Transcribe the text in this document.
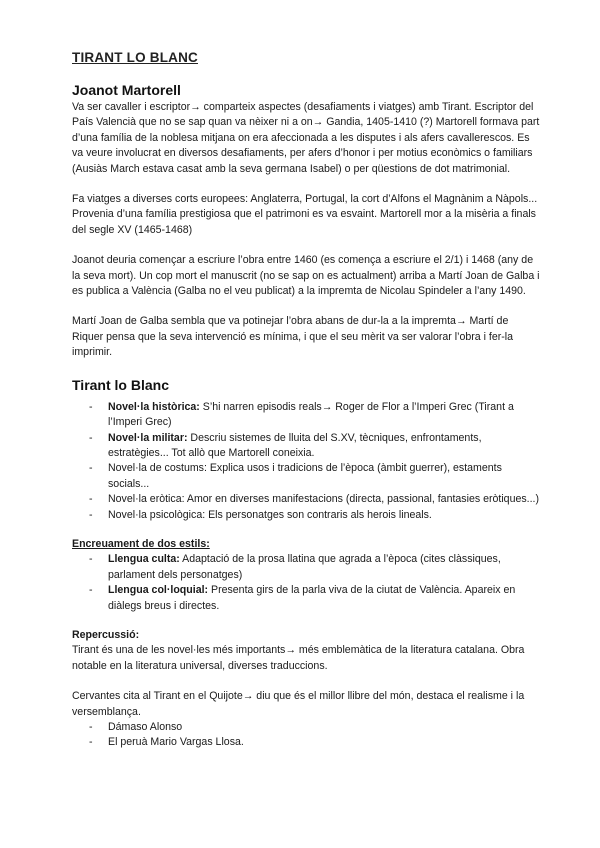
TIRANT LO BLANC
Joanot Martorell

Va ser cavaller i escriptor→ comparteix aspectes (desafiaments i viatges) amb Tirant. Escriptor del País Valencià que no se sap quan va nèixer ni a on→ Gandia, 1405-1410 (?) Martorell formava part d’una família de la noblesa mitjana on era afeccionada a les disputes i als afers cavallerescos. Es va veure involucrat en diversos desafiaments, per afers d’honor i per motius econòmics o familiars (Ausiàs March estava casat amb la seva germana Isabel) o per qüestions de dot matrimonial.

Fa viatges a diverses corts europees: Anglaterra, Portugal, la cort d’Alfons el Magnànim a Nàpols... Provenia d’una família prestigiosa que el patrimoni es va esvaint. Martorell mor a la misèria a finals del segle XV (1465-1468)

Joanot deuria començar a escriure l’obra entre 1460 (es comença a escriure el 2/1) i 1468 (any de la seva mort). Un cop mort el manuscrit (no se sap on es actualment) arriba a Martí Joan de Galba i es publica a València (Galba no el veu publicat) a la impremta de Nicolau Spindeler a l’any 1490.

Martí Joan de Galba sembla que va potinejar l’obra abans de dur-la a la impremta→ Martí de Riquer pensa que la seva intervenció es mínima, i que el seu mèrit va ser valorar l’obra i fer-la imprimir.

Tirant lo Blanc
- Novel·la històrica: S’hi narren episodis reals→ Roger de Flor a l’Imperi Grec (Tirant a l’Imperi Grec)
- Novel·la militar: Descriu sistemes de lluita del S.XV, tècniques, enfrontaments, estratègies... Tot allò que Martorell coneixia.
- Novel·la de costums: Explica usos i tradicions de l’època (àmbit guerrer), estaments socials...
- Novel·la eròtica: Amor en diverses manifestacions (directa, passional, fantasies eròtiques...)
- Novel·la psicològica: Els personatges son contraris als herois lineals.
Encreuament de dos estils:
- Llengua culta: Adaptació de la prosa llatina que agrada a l’època (cites clàssiques, parlament dels personatges)
- Llengua col·loquial: Presenta girs de la parla viva de la ciutat de València. Apareix en diàlegs breus i directes.
Repercussió:

Tirant és una de les novel·les més importants→ més emblemàtica de la literatura catalana. Obra notable en la literatura universal, diverses traduccions.

Cervantes cita al Tirant en el Quijote→ diu que és el millor llibre del món, destaca el realisme i la versemblança.

- Dámaso Alonso
- El peruà Mario Vargas Llosa.
